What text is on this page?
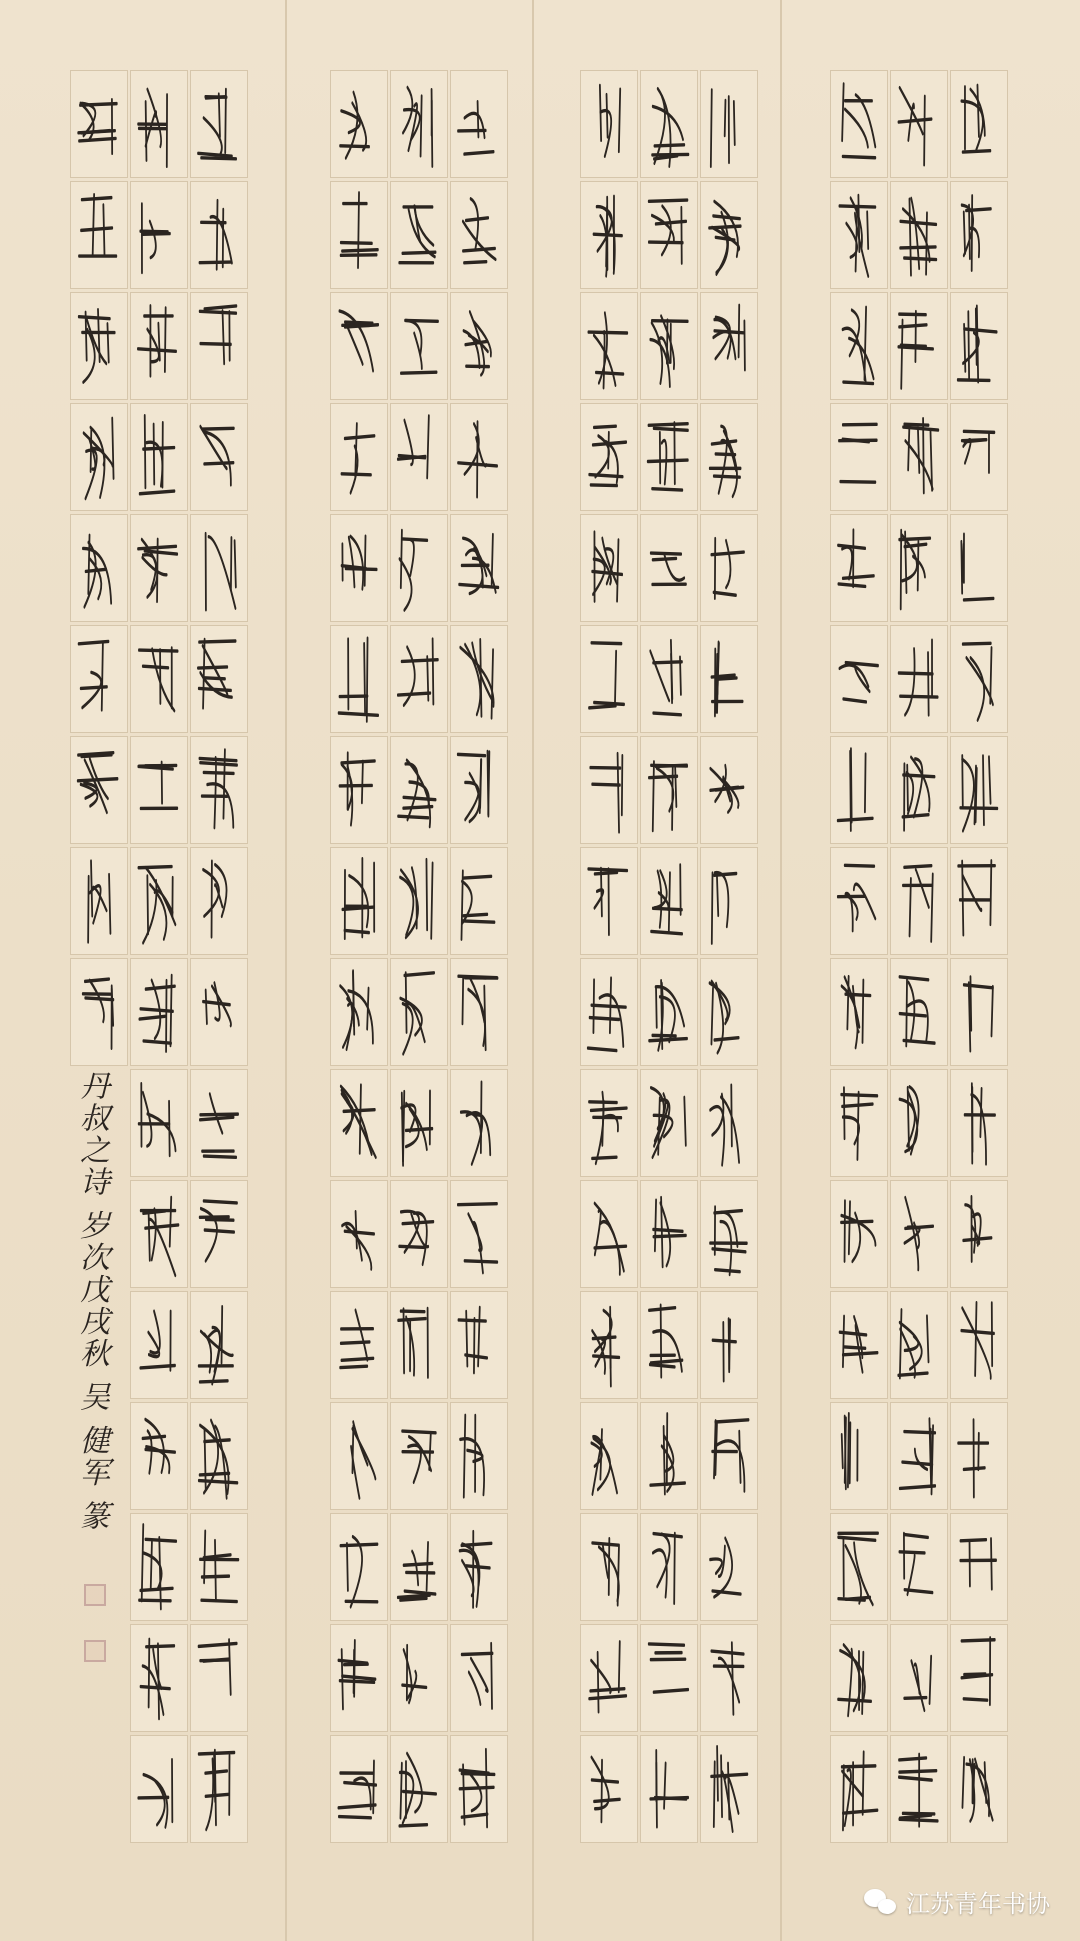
丹叔之诗 岁次戊戌秋 吴 健军 篆
江苏青年书协
